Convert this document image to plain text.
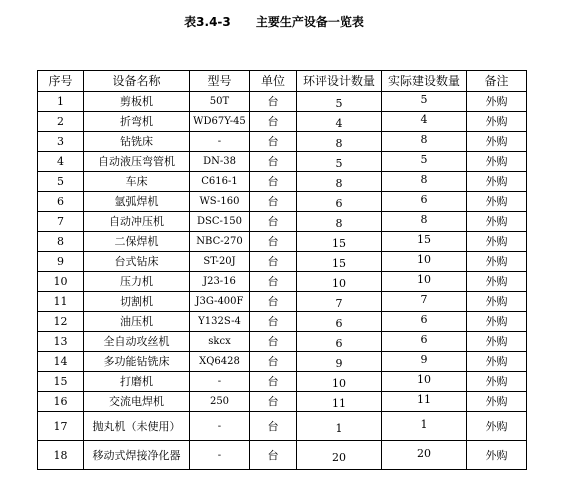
表3.4-3      主要生产设备一览表
序号	设备名称	型号	单位	环评设计数量	实际建设数量	备注
1	剪板机	50T	台	5	5	外购
2	折弯机	WD67Y-45	台	4	4	外购
3	钻铣床	-	台	8	8	外购
4	自动液压弯管机	DN-38	台	5	5	外购
5	车床	C616-1	台	8	8	外购
6	氩弧焊机	WS-160	台	6	6	外购
7	自动冲压机	DSC-150	台	8	8	外购
8	二保焊机	NBC-270	台	15	15	外购
9	台式钻床	ST-20J	台	15	10	外购
10	压力机	J23-16	台	10	10	外购
11	切割机	J3G-400F	台	7	7	外购
12	油压机	Y132S-4	台	6	6	外购
13	全自动攻丝机	skcx	台	6	6	外购
14	多功能钻铣床	XQ6428	台	9	9	外购
15	打磨机	-	台	10	10	外购
16	交流电焊机	250	台	11	11	外购
17	抛丸机（未使用）	-	台	1	1	外购
18	移动式焊接净化器	-	台	20	20	外购
